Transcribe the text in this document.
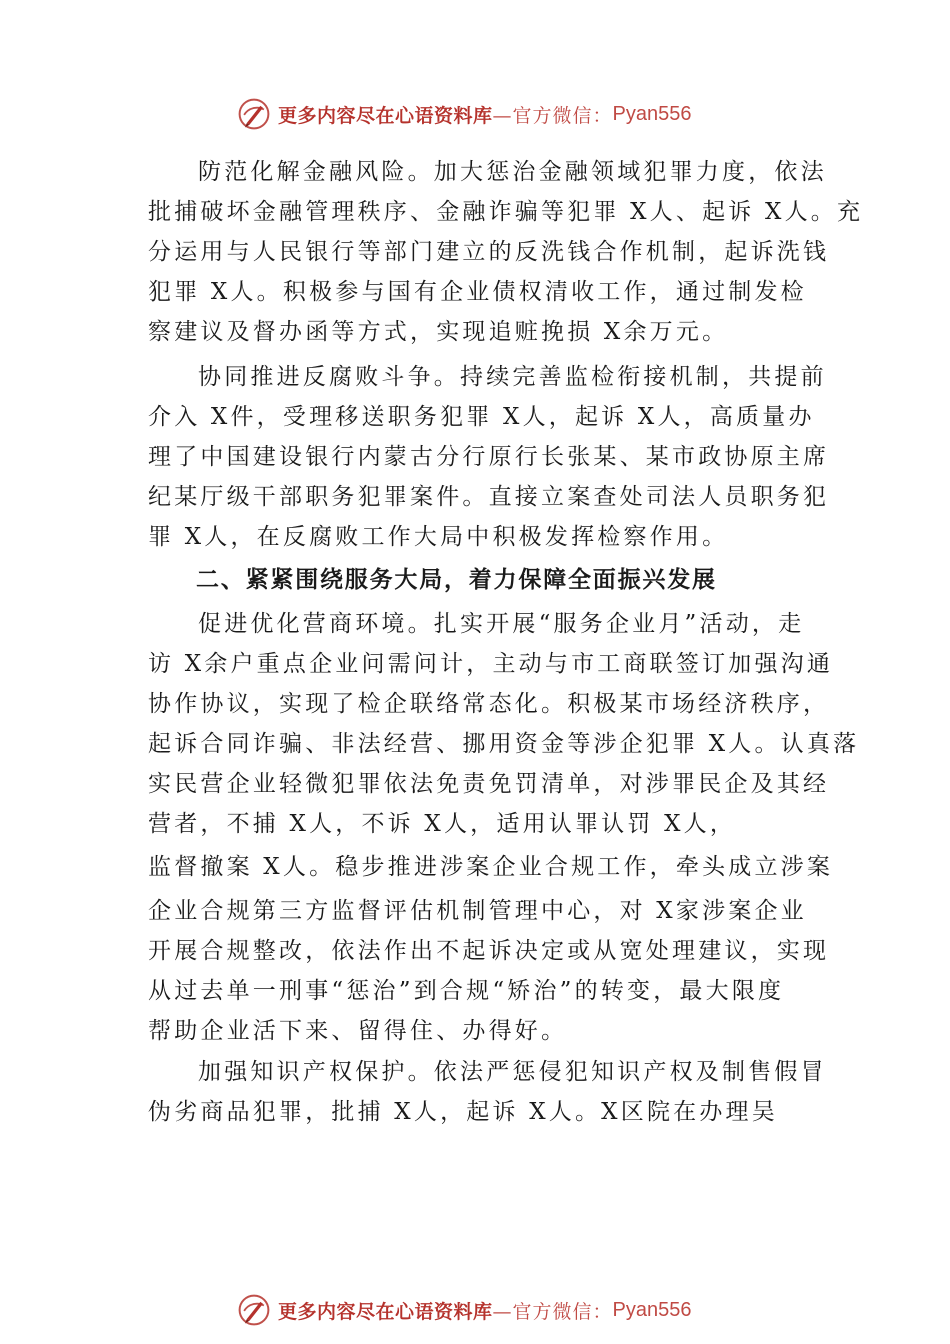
更多内容尽在心语资料库 —官方微信： Pyan556
防范化解金融风险。加大惩治金融领域犯罪力度，依法
批捕破坏金融管理秩序、金融诈骗等犯罪 X人、起诉 X人。充
分运用与人民银行等部门建立的反洗钱合作机制，起诉洗钱
犯罪 X人。积极参与国有企业债权清收工作，通过制发检
察建议及督办函等方式，实现追赃挽损 X余万元。
协同推进反腐败斗争。持续完善监检衔接机制，共提前
介入 X件，受理移送职务犯罪 X人，起诉 X人，高质量办
理了中国建设银行内蒙古分行原行长张某、某市政协原主席
纪某厅级干部职务犯罪案件。直接立案查处司法人员职务犯
罪 X人，在反腐败工作大局中积极发挥检察作用。
二、紧紧围绕服务大局，着力保障全面振兴发展
促进优化营商环境。扎实开展“服务企业月”活动，走
访 X余户重点企业问需问计，主动与市工商联签订加强沟通
协作协议，实现了检企联络常态化。积极某市场经济秩序，
起诉合同诈骗、非法经营、挪用资金等涉企犯罪 X人。认真落
实民营企业轻微犯罪依法免责免罚清单，对涉罪民企及其经
营者，不捕 X人，不诉 X人，适用认罪认罚 X人，
监督撤案 X人。稳步推进涉案企业合规工作，牵头成立涉案
企业合规第三方监督评估机制管理中心，对 X家涉案企业
开展合规整改，依法作出不起诉决定或从宽处理建议，实现
从过去单一刑事“惩治”到合规“矫治”的转变，最大限度
帮助企业活下来、留得住、办得好。
加强知识产权保护。依法严惩侵犯知识产权及制售假冒
伪劣商品犯罪，批捕 X人，起诉 X人。X区院在办理吴
更多内容尽在心语资料库 —官方微信： Pyan556
